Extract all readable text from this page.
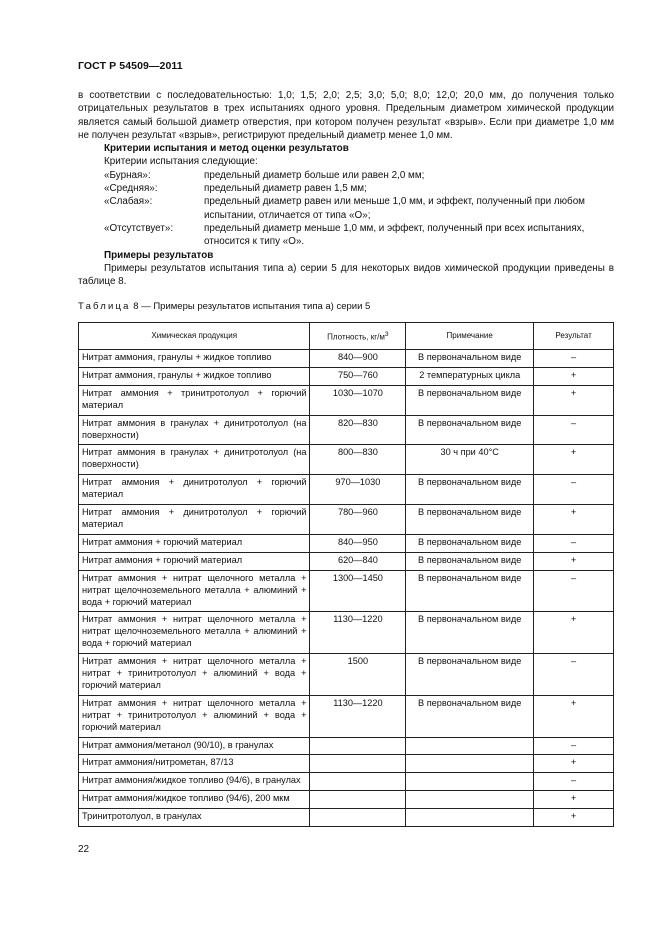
ГОСТ Р 54509—2011

в соответствии с последовательностью: 1,0; 1,5; 2,0; 2,5; 3,0; 5,0; 8,0; 12,0; 20,0 мм, до получения только отрицательных результатов в трех испытаниях одного уровня. Предельным диаметром химической продукции является самый большой диаметр отверстия, при котором получен результат «взрыв». Если при диаметре 1,0 мм не получен результат «взрыв», регистрируют предельный диаметр менее 1,0 мм.

Критерии испытания и метод оценки результатов

Критерии испытания следующие:

«Бурная»:	предельный диаметр больше или равен 2,0 мм;
«Средняя»:	предельный диаметр равен 1,5 мм;
«Слабая»:	предельный диаметр равен или меньше 1,0 мм, и эффект, полученный при любом испытании, отличается от типа «О»;
«Отсутствует»:	предельный диаметр меньше 1,0 мм, и эффект, полученный при всех испытаниях, относится к типу «О».

Примеры результатов

Примеры результатов испытания типа а) серии 5 для некоторых видов химической продукции приведены в таблице 8.

Таблица 8 — Примеры результатов испытания типа а) серии 5
Химическая продукция	Плотность, $кг/м^3$	Примечание	Результат
Нитрат аммония, гранулы + жидкое топливо	840—900	В первоначальном виде	–
Нитрат аммония, гранулы + жидкое топливо	750—760	2 температурных цикла	+
Нитрат аммония + тринитротолуол + горючий материал	1030—1070	В первоначальном виде	+
Нитрат аммония в гранулах + динитротолуол (на поверхности)	820—830	В первоначальном виде	–
Нитрат аммония в гранулах + динитротолуол (на поверхности)	800—830	30 ч при 40°С	+
Нитрат аммония + динитротолуол + горючий материал	970—1030	В первоначальном виде	–
Нитрат аммония + динитротолуол + горючий материал	780—960	В первоначальном виде	+
Нитрат аммония + горючий материал	840—950	В первоначальном виде	–
Нитрат аммония + горючий материал	620—840	В первоначальном виде	+
Нитрат аммония + нитрат щелочного металла + нитрат щелочноземельного металла + алюминий + вода + горючий материал	1300—1450	В первоначальном виде	–
Нитрат аммония + нитрат щелочного металла + нитрат щелочноземельного металла + алюминий + вода + горючий материал	1130—1220	В первоначальном виде	+
Нитрат аммония + нитрат щелочного металла + нитрат + тринитротолуол + алюминий + вода + горючий материал	1500	В первоначальном виде	–
Нитрат аммония + нитрат щелочного металла + нитрат + тринитротолуол + алюминий + вода + горючий материал	1130—1220	В первоначальном виде	+
Нитрат аммония/метанол (90/10), в гранулах			–
Нитрат аммония/нитрометан, 87/13			+
Нитрат аммония/жидкое топливо (94/6), в гранулах			–
Нитрат аммония/жидкое топливо (94/6), 200 мкм			+
Тринитротолуол, в гранулах			+
22
